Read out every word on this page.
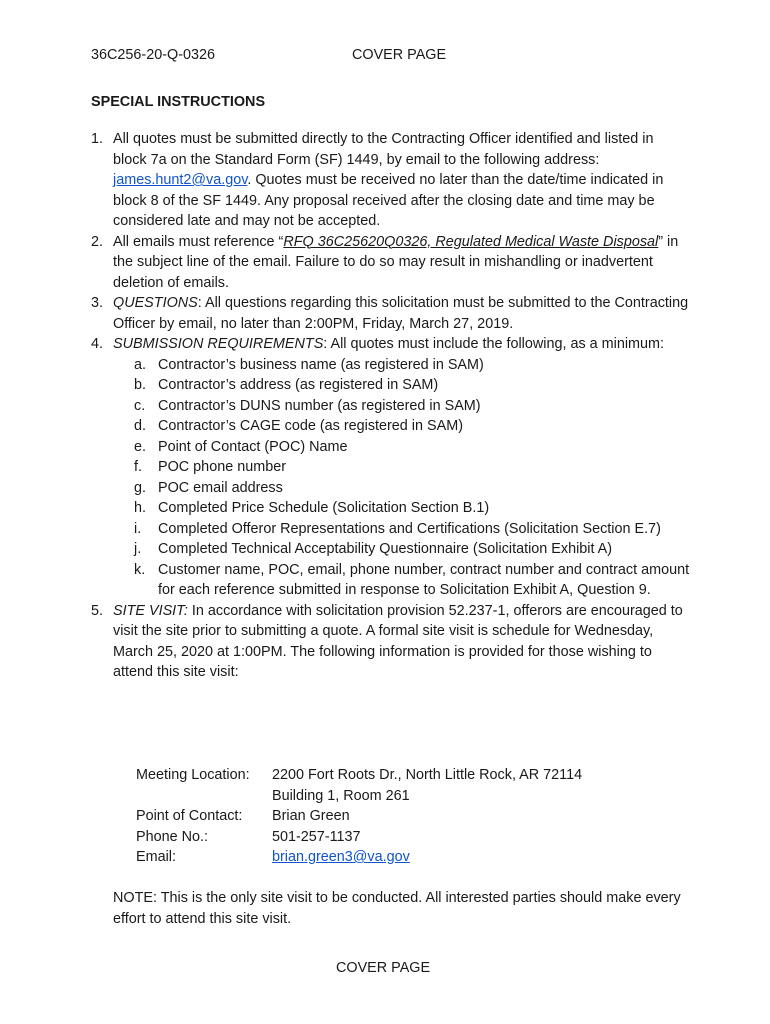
36C256-20-Q-0326	COVER PAGE
SPECIAL INSTRUCTIONS
1. All quotes must be submitted directly to the Contracting Officer identified and listed in block 7a on the Standard Form (SF) 1449, by email to the following address: james.hunt2@va.gov. Quotes must be received no later than the date/time indicated in block 8 of the SF 1449. Any proposal received after the closing date and time may be considered late and may not be accepted.
2. All emails must reference “RFQ 36C25620Q0326, Regulated Medical Waste Disposal” in the subject line of the email. Failure to do so may result in mishandling or inadvertent deletion of emails.
3. QUESTIONS: All questions regarding this solicitation must be submitted to the Contracting Officer by email, no later than 2:00PM, Friday, March 27, 2019.
4. SUBMISSION REQUIREMENTS: All quotes must include the following, as a minimum:
a. Contractor’s business name (as registered in SAM)
b. Contractor’s address (as registered in SAM)
c. Contractor’s DUNS number (as registered in SAM)
d. Contractor’s CAGE code (as registered in SAM)
e. Point of Contact (POC) Name
f. POC phone number
g. POC email address
h. Completed Price Schedule (Solicitation Section B.1)
i. Completed Offeror Representations and Certifications (Solicitation Section E.7)
j. Completed Technical Acceptability Questionnaire (Solicitation Exhibit A)
k. Customer name, POC, email, phone number, contract number and contract amount for each reference submitted in response to Solicitation Exhibit A, Question 9.
5. SITE VISIT: In accordance with solicitation provision 52.237-1, offerors are encouraged to visit the site prior to submitting a quote. A formal site visit is schedule for Wednesday, March 25, 2020 at 1:00PM. The following information is provided for those wishing to attend this site visit:
Meeting Location:	2200 Fort Roots Dr., North Little Rock, AR 72114
Building 1, Room 261
Point of Contact:	Brian Green
Phone No.:	501-257-1137
Email:	brian.green3@va.gov
NOTE: This is the only site visit to be conducted. All interested parties should make every effort to attend this site visit.
COVER PAGE
